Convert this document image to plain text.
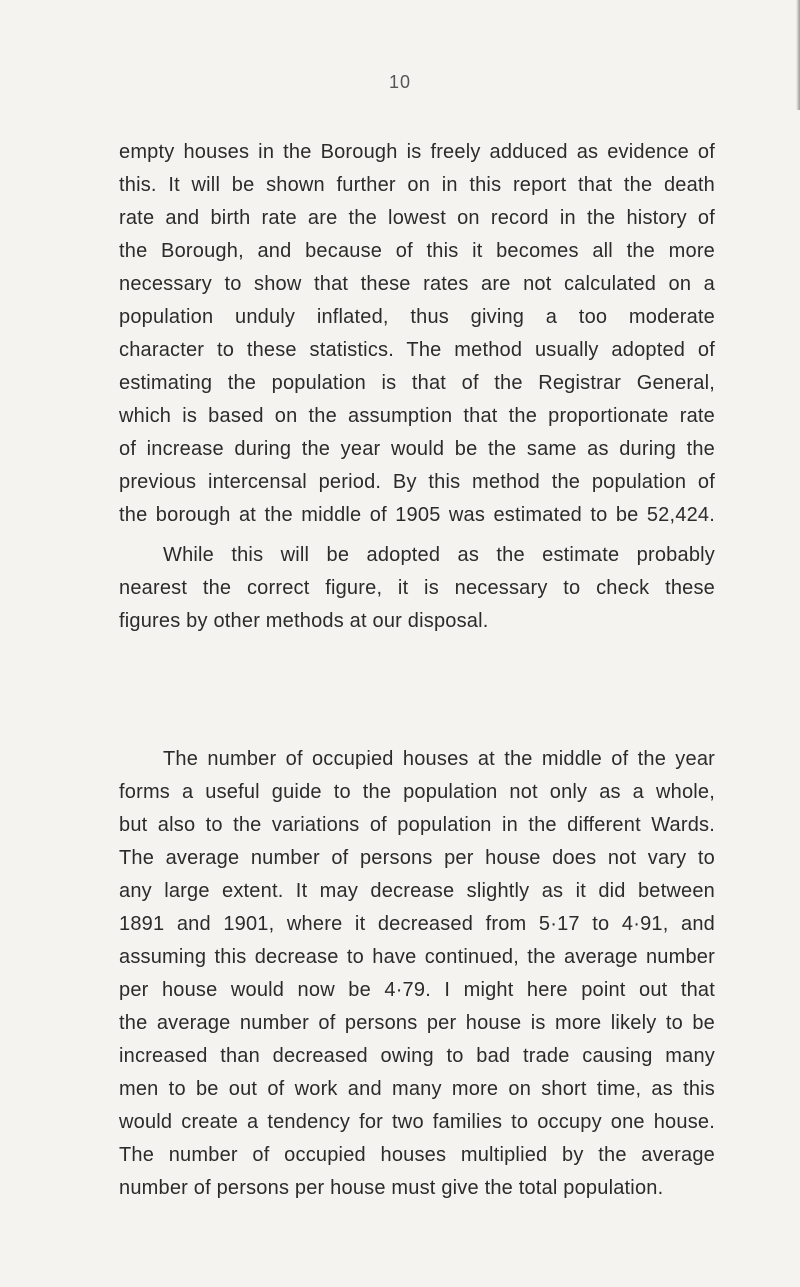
10
empty houses in the Borough is freely adduced as evidence of
this. It will be shown further on in this report that the death
rate and birth rate are the lowest on record in the history of
the Borough, and because of this it becomes all the more
necessary to show that these rates are not calculated on a
population unduly inflated, thus giving a too moderate
character to these statistics. The method usually adopted of
estimating the population is that of the Registrar General,
which is based on the assumption that the proportionate rate
of increase during the year would be the same as during the
previous intercensal period. By this method the population of
the borough at the middle of 1905 was estimated to be 52,424.
While this will be adopted as the estimate probably
nearest the correct figure, it is necessary to check these
figures by other methods at our disposal.
The number of occupied houses at the middle of the year
forms a useful guide to the population not only as a whole,
but also to the variations of population in the different Wards.
The average number of persons per house does not vary to
any large extent. It may decrease slightly as it did between
1891 and 1901, where it decreased from 5·17 to 4·91, and
assuming this decrease to have continued, the average number
per house would now be 4·79. I might here point out that
the average number of persons per house is more likely to be
increased than decreased owing to bad trade causing many
men to be out of work and many more on short time, as this
would create a tendency for two families to occupy one house.
The number of occupied houses multiplied by the average
number of persons per house must give the total population.
